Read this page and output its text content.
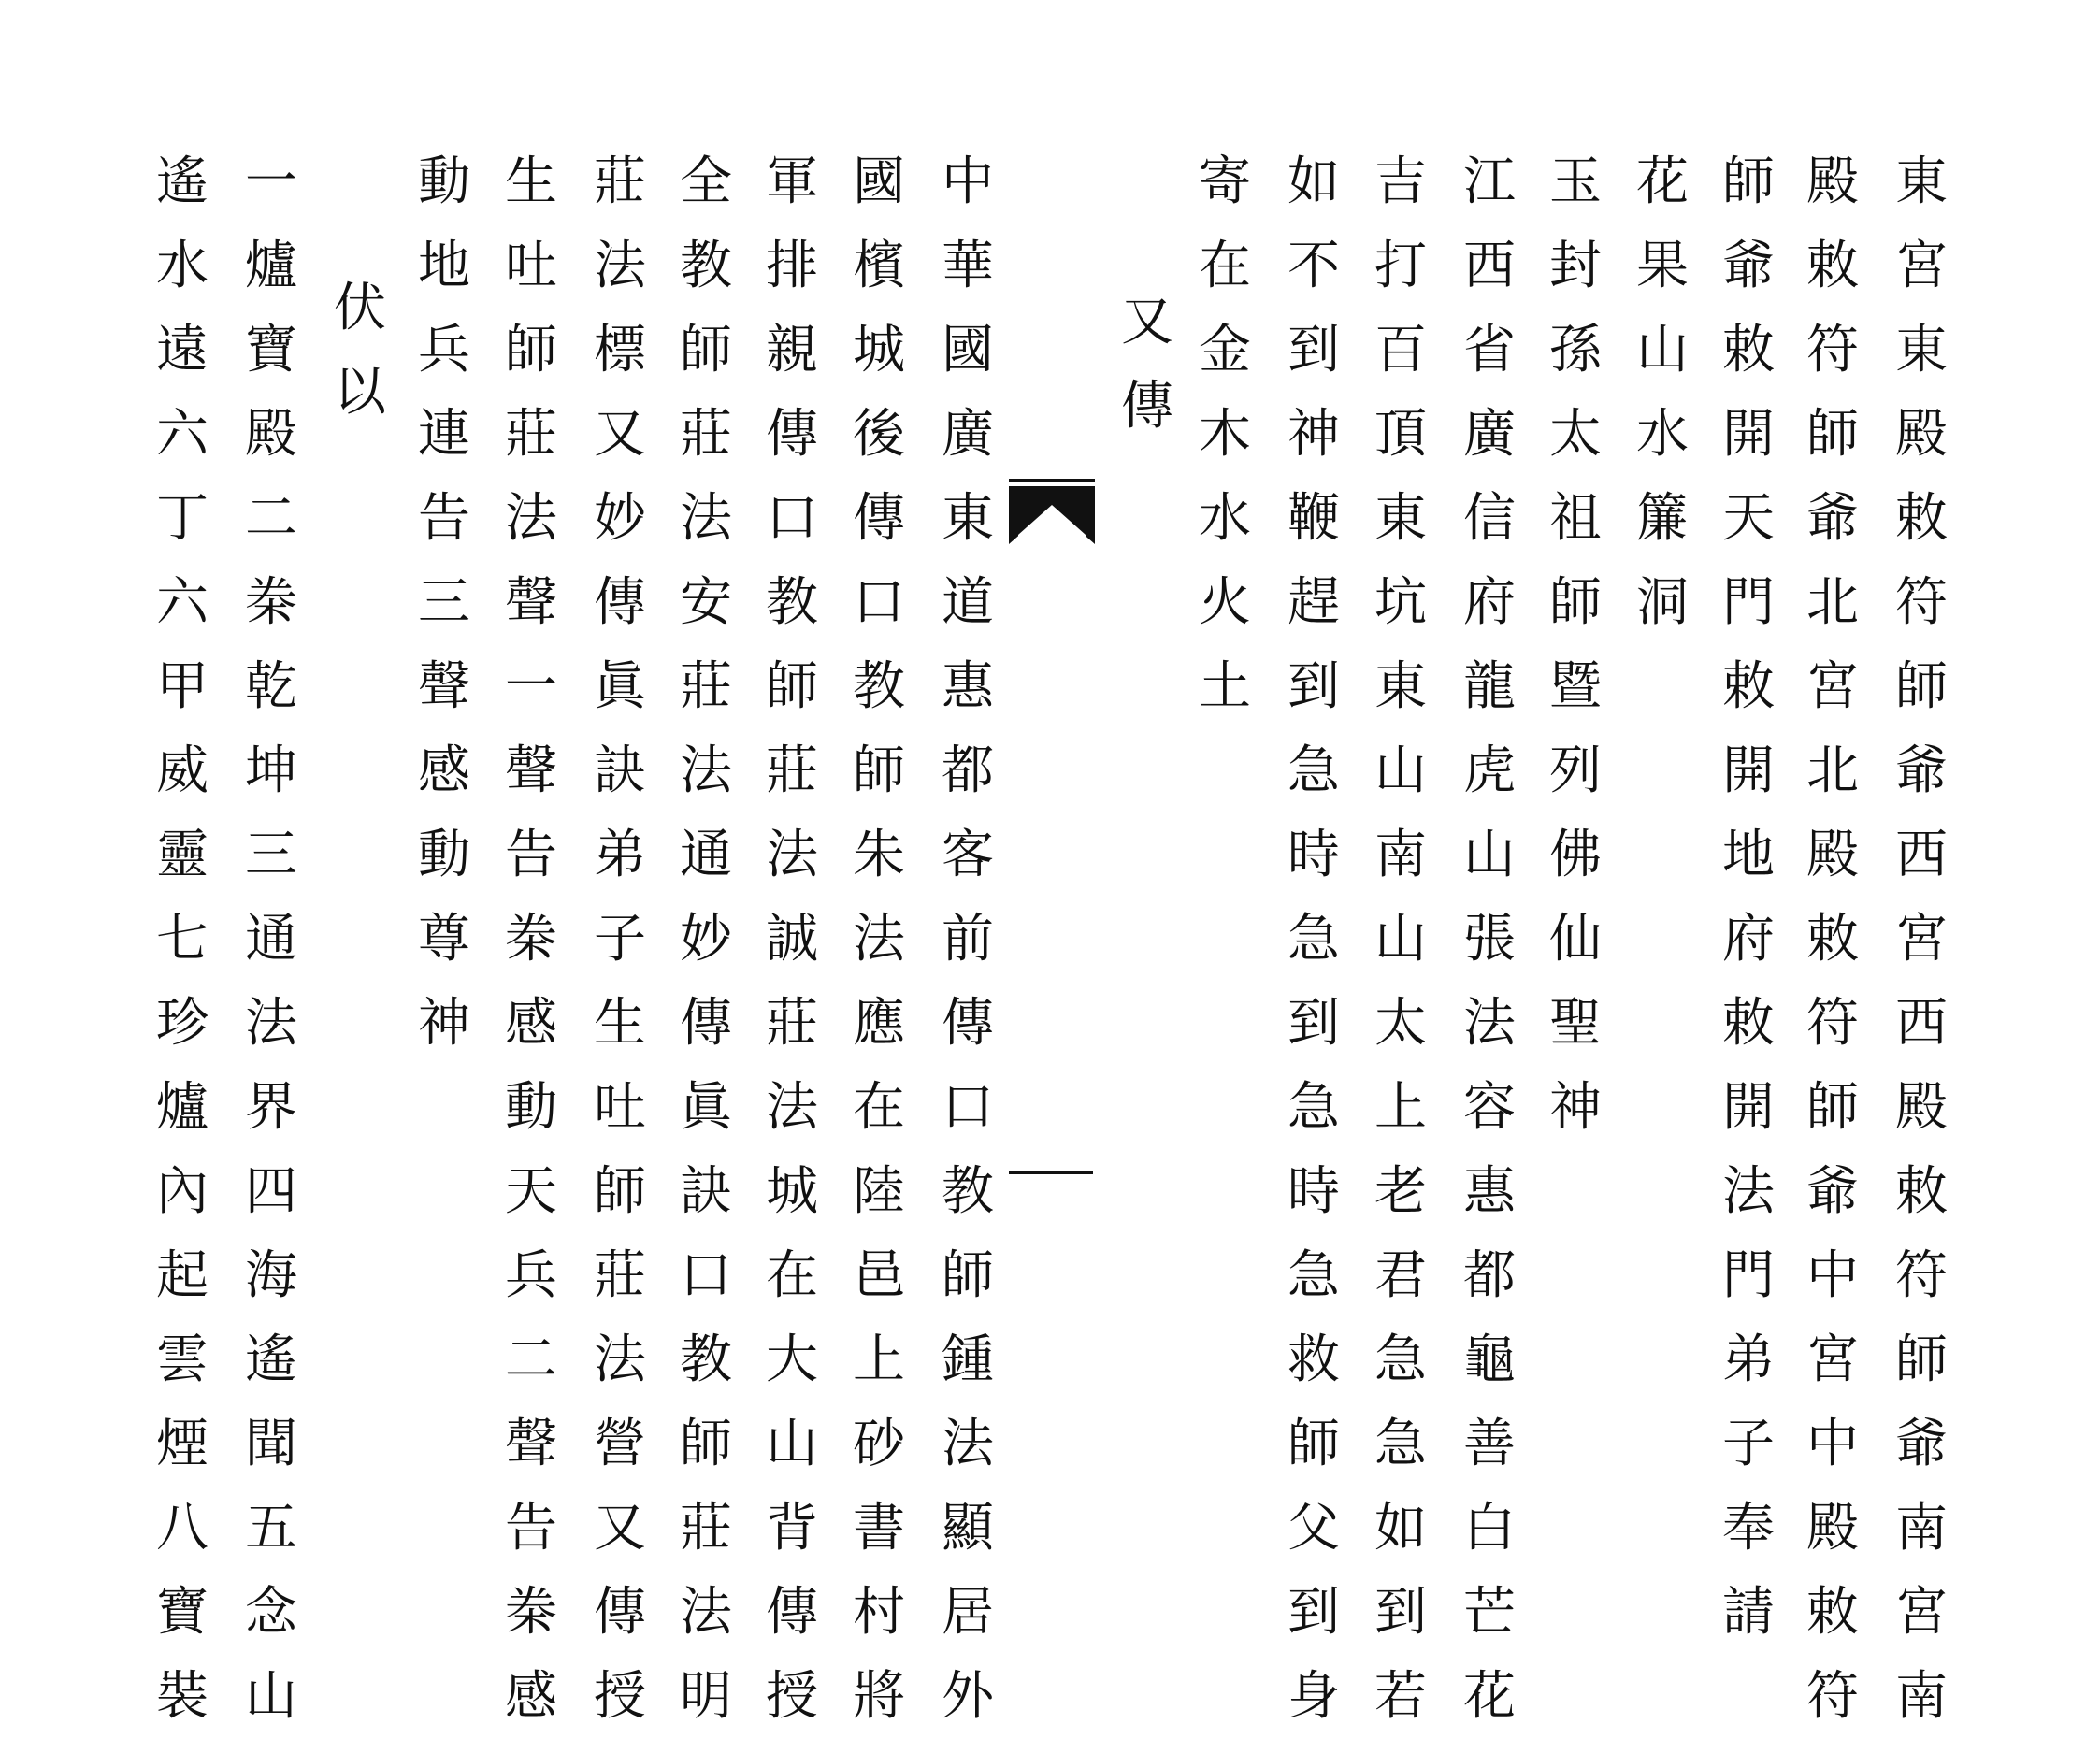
東
宮
東
殿
敕
符
師
爺
西
宮
西
殿
敕
符
師
爺
南
宮
南
殿
敕
符
師
爺
北
宮
北
殿
敕
符
師
爺
中
宮
中
殿
敕
符
師
爺
敕
開
天
門
敕
開
地
府
敕
開
法
門
弟
子
奉
請
花
果
山
水
簾
洞
玉
封
孫
太
祖
師
暨
列
佛
仙
聖
神
江
西
省
廣
信
府
龍
虎
山
張
法
容
惠
都
龜
善
白
芒
花
吉
打
百
頂
東
坑
東
山
南
山
太
上
老
君
急
急
如
到
若
如
不
到
神
鞭
趕
到
急
時
急
到
急
時
急
救
師
父
到
身
寄
在
金
木
水
火
土
又
傳
中
華
國
廣
東
道
惠
都
客
前
傳
口
教
師
鍾
法
顯
居
外
國
檳
城
後
傳
口
教
師
朱
法
應
在
陸
邑
上
砂
書
村
將
軍
排
親
傳
口
教
師
莊
法
誠
莊
法
城
在
大
山
背
傳
授
全
教
師
莊
法
安
莊
法
通
妙
傳
眞
訣
口
教
師
莊
法
明
莊
法
標
又
妙
傳
眞
訣
弟
子
生
吐
師
莊
法
營
又
傳
授
生
吐
師
莊
法
聲
一
聲
告
桊
感
動
天
兵
二
聲
告
桊
感
動
地
兵
連
告
三
聲
感
動
尊
神
伏
以
一
爐
寶
殿
二
桊
乾
坤
三
通
法
界
四
海
遙
聞
五
念
山
遙
水
遠
六
丁
六
甲
威
靈
七
珍
爐
內
起
雲
煙
八
寶
裝
